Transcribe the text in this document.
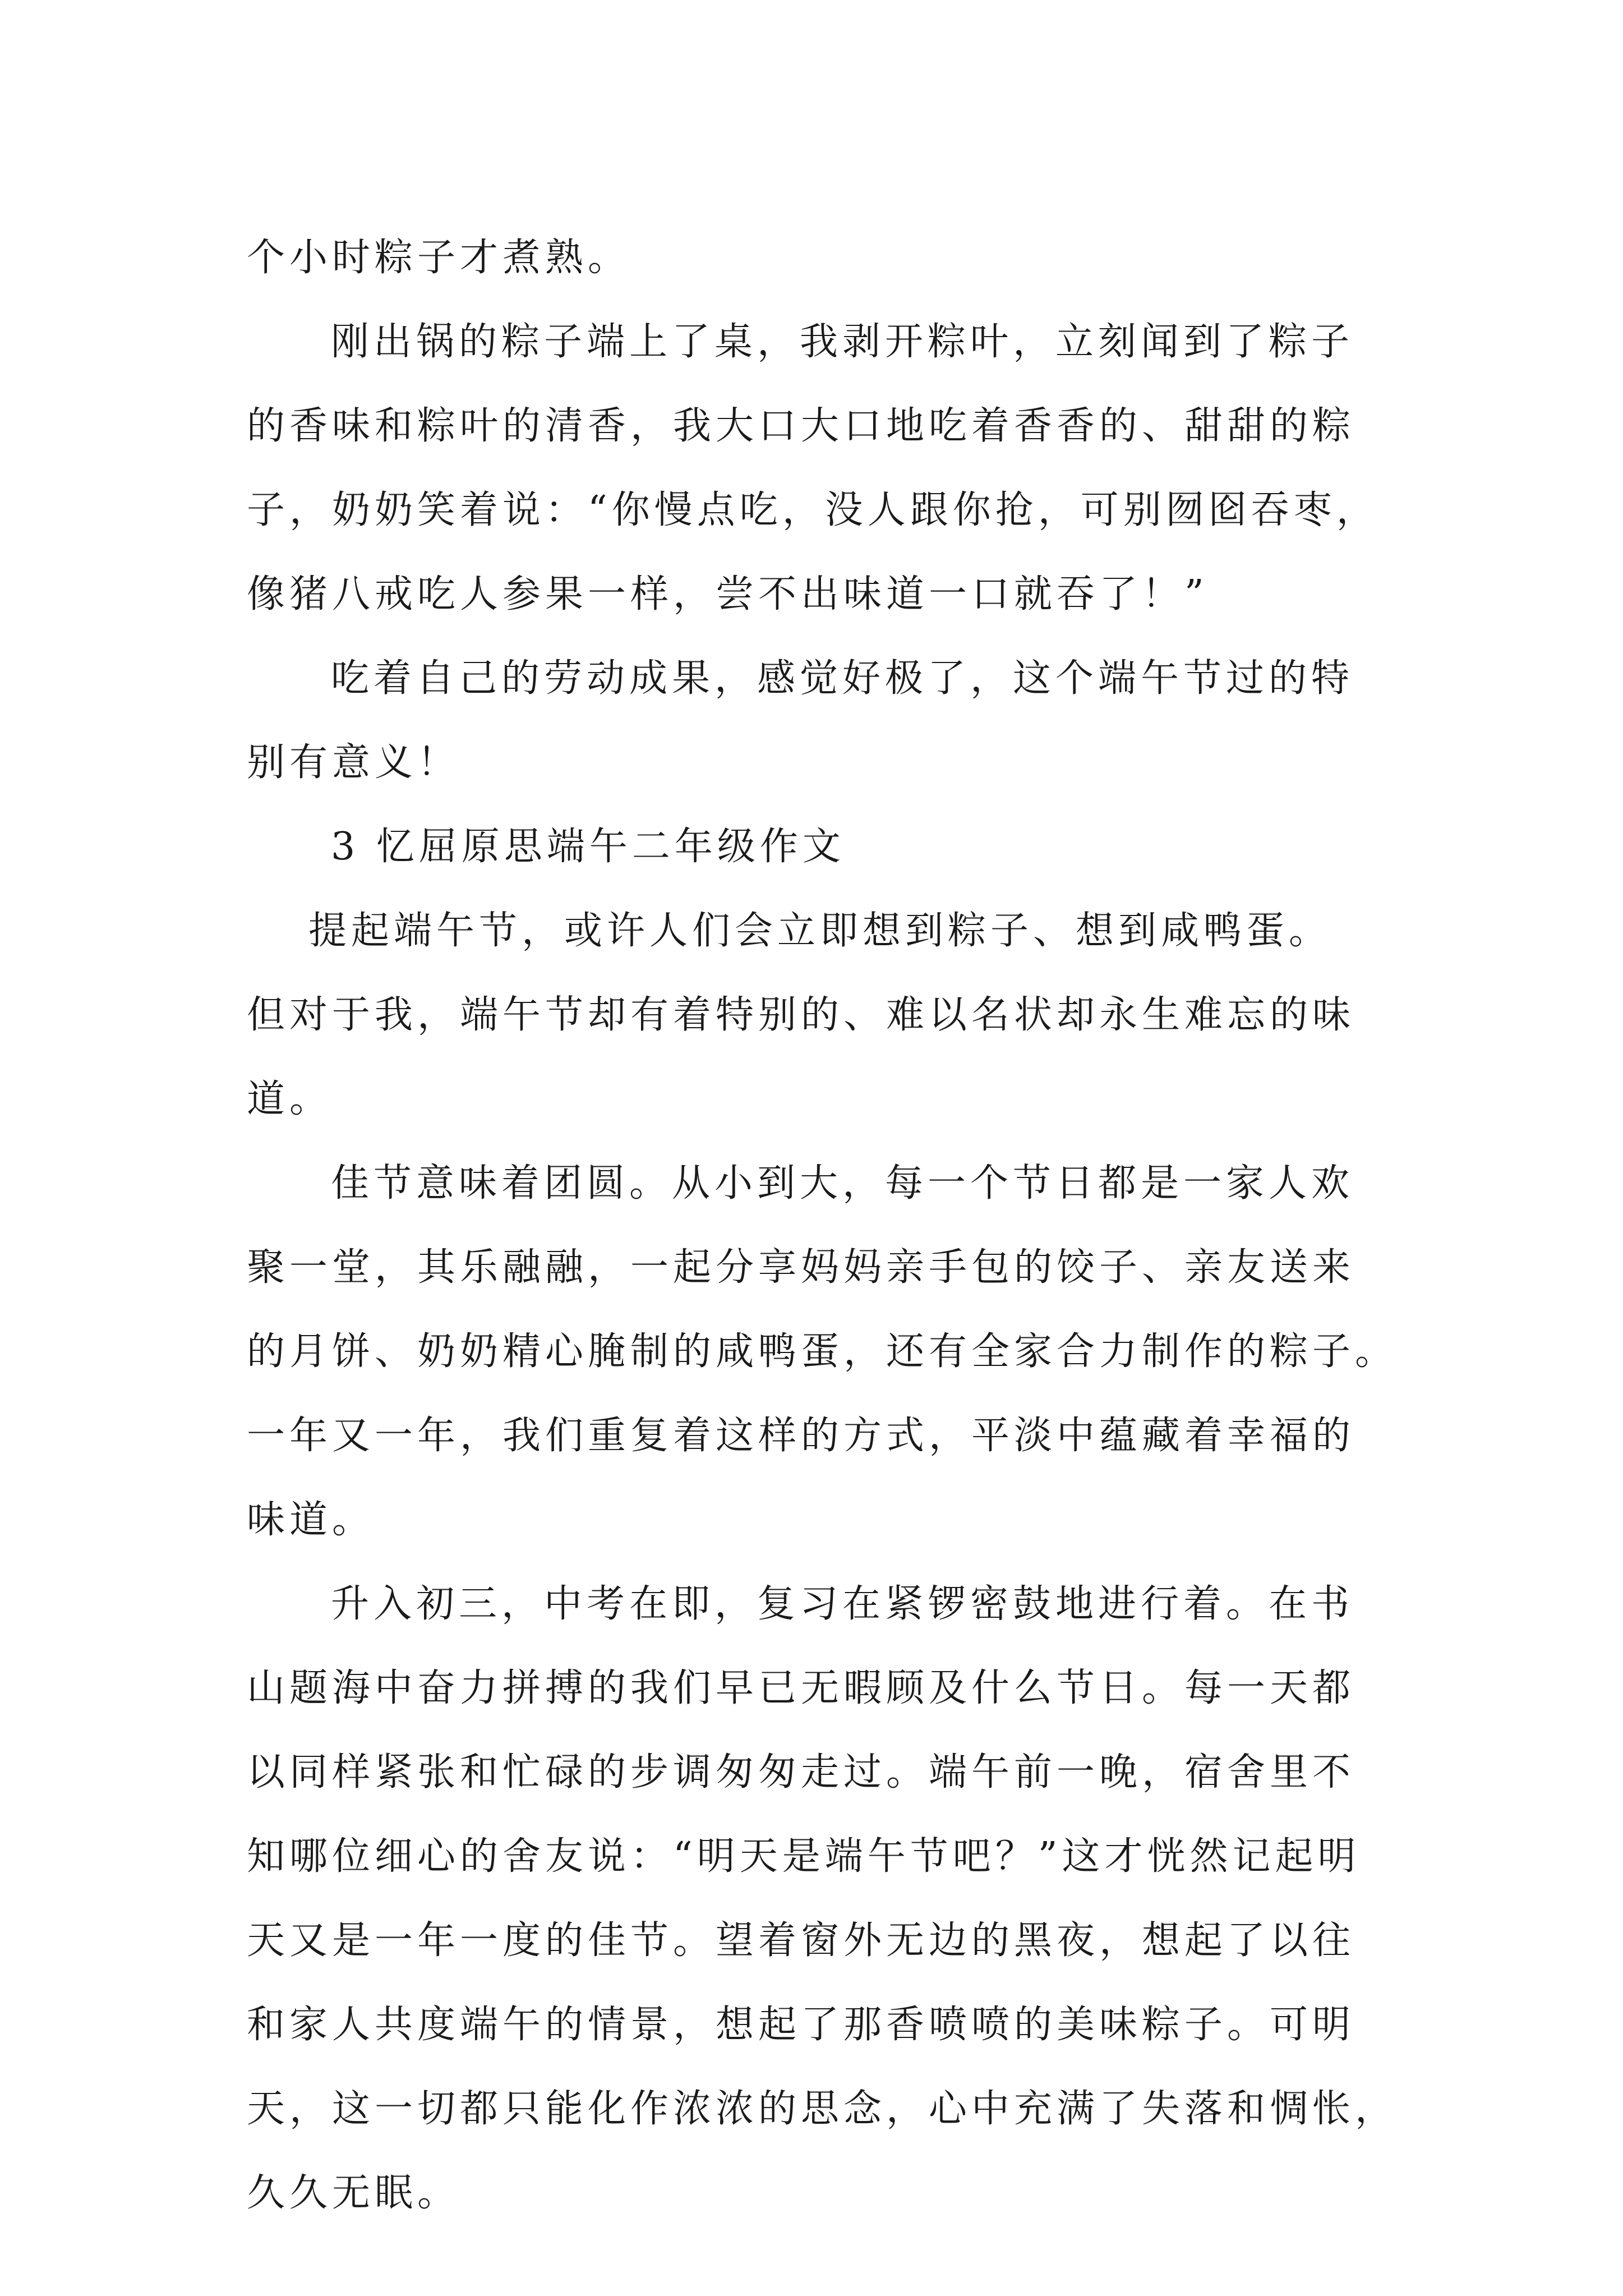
个小时粽子才煮熟。
刚出锅的粽子端上了桌，我剥开粽叶，立刻闻到了粽子
的香味和粽叶的清香，我大口大口地吃着香香的、甜甜的粽
子，奶奶笑着说：“你慢点吃，没人跟你抢，可别囫囵吞枣，
像猪八戒吃人参果一样，尝不出味道一口就吞了！”
吃着自己的劳动成果，感觉好极了，这个端午节过的特
别有意义！
3 忆屈原思端午二年级作文
提起端午节，或许人们会立即想到粽子、想到咸鸭蛋。
但对于我，端午节却有着特别的、难以名状却永生难忘的味
道。
佳节意味着团圆。从小到大，每一个节日都是一家人欢
聚一堂，其乐融融，一起分享妈妈亲手包的饺子、亲友送来
的月饼、奶奶精心腌制的咸鸭蛋，还有全家合力制作的粽子。
一年又一年，我们重复着这样的方式，平淡中蕴藏着幸福的
味道。
升入初三，中考在即，复习在紧锣密鼓地进行着。在书
山题海中奋力拼搏的我们早已无暇顾及什么节日。每一天都
以同样紧张和忙碌的步调匆匆走过。端午前一晚，宿舍里不
知哪位细心的舍友说：“明天是端午节吧？”这才恍然记起明
天又是一年一度的佳节。望着窗外无边的黑夜，想起了以往
和家人共度端午的情景，想起了那香喷喷的美味粽子。可明
天，这一切都只能化作浓浓的思念，心中充满了失落和惆怅，
久久无眠。
